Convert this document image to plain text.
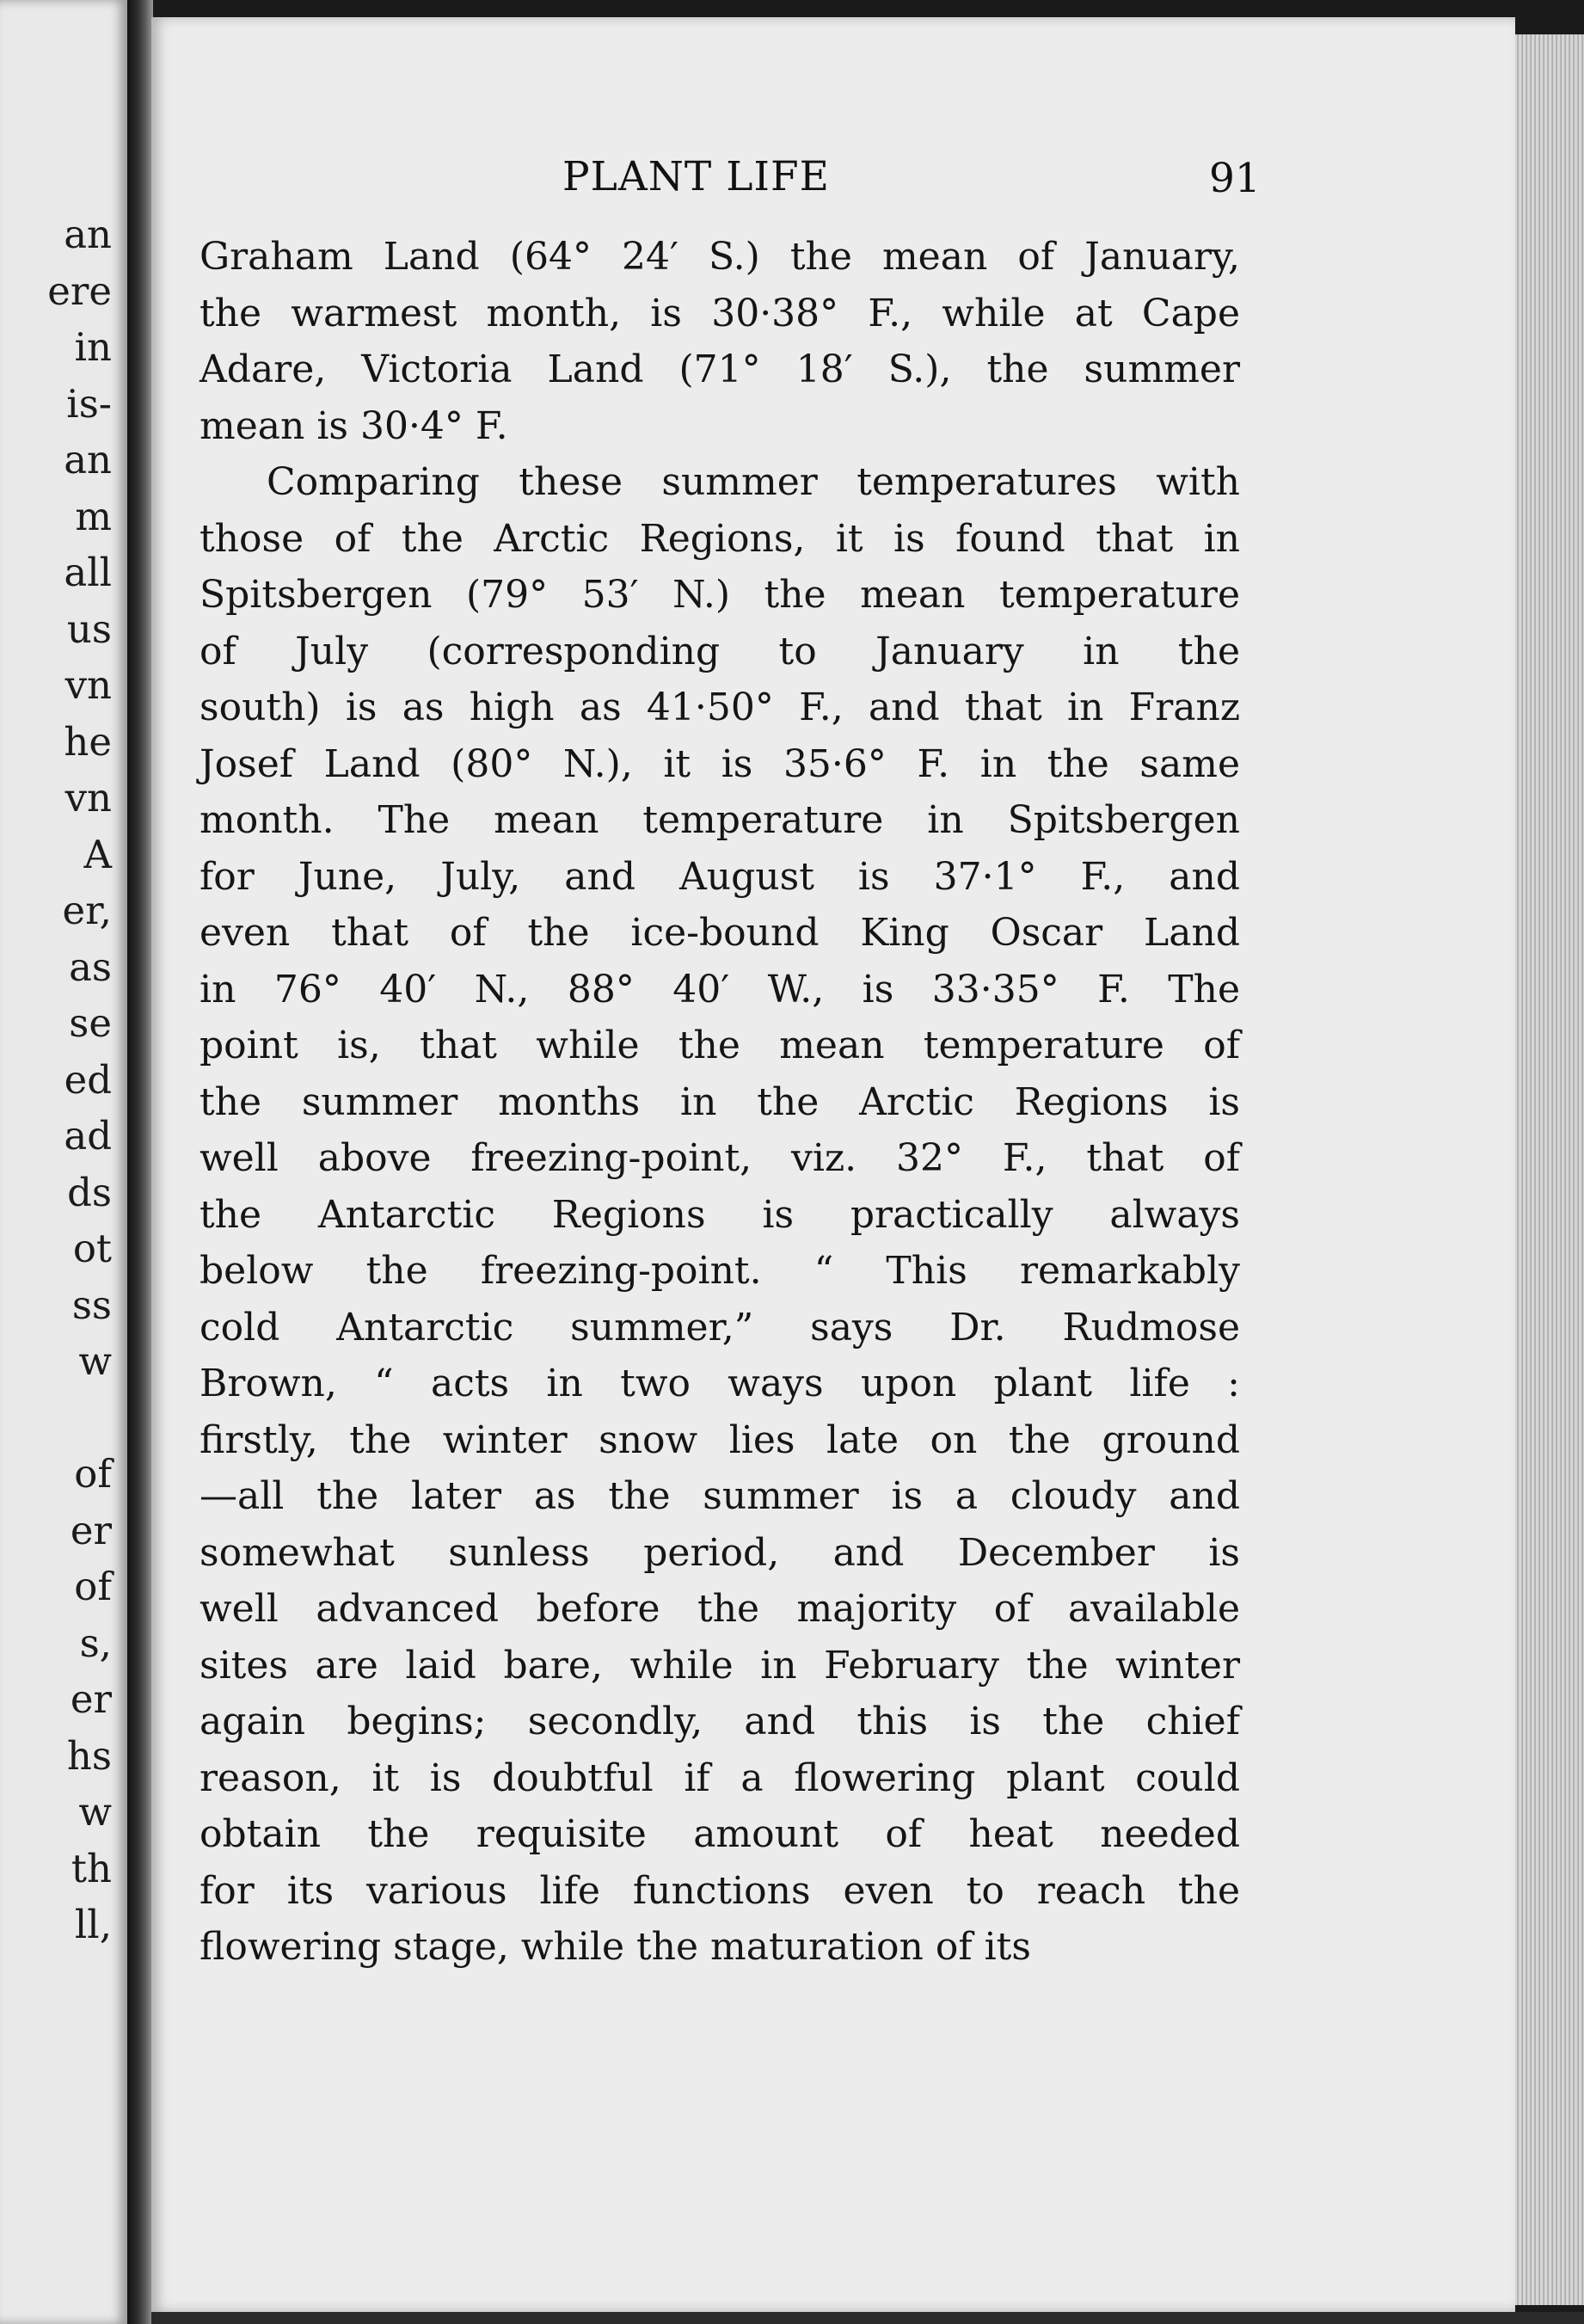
an
ere
in
is-
an
m
all
us
vn
he
vn
A
er,
as
se
ed
ad
ds
ot
ss
w
of
er
of
s,
er
hs
w
th
ll,
PLANT LIFE	91
Graham Land (64° 24′ S.) the mean of January,
the warmest month, is 30·38° F., while at Cape
Adare, Victoria Land (71° 18′ S.), the summer
mean is 30·4° F.
Comparing these summer temperatures with
those of the Arctic Regions, it is found that in
Spitsbergen (79° 53′ N.) the mean temperature
of July (corresponding to January in the
south) is as high as 41·50° F., and that in Franz
Josef Land (80° N.), it is 35·6° F. in the same
month. The mean temperature in Spitsbergen
for June, July, and August is 37·1° F., and
even that of the ice-bound King Oscar Land
in 76° 40′ N., 88° 40′ W., is 33·35° F. The
point is, that while the mean temperature of
the summer months in the Arctic Regions is
well above freezing-point, viz. 32° F., that of
the Antarctic Regions is practically always
below the freezing-point. “ This remarkably
cold Antarctic summer,” says Dr. Rudmose
Brown, “ acts in two ways upon plant life :
firstly, the winter snow lies late on the ground
—all the later as the summer is a cloudy and
somewhat sunless period, and December is
well advanced before the majority of available
sites are laid bare, while in February the winter
again begins; secondly, and this is the chief
reason, it is doubtful if a flowering plant could
obtain the requisite amount of heat needed
for its various life functions even to reach the
flowering stage, while the maturation of its
